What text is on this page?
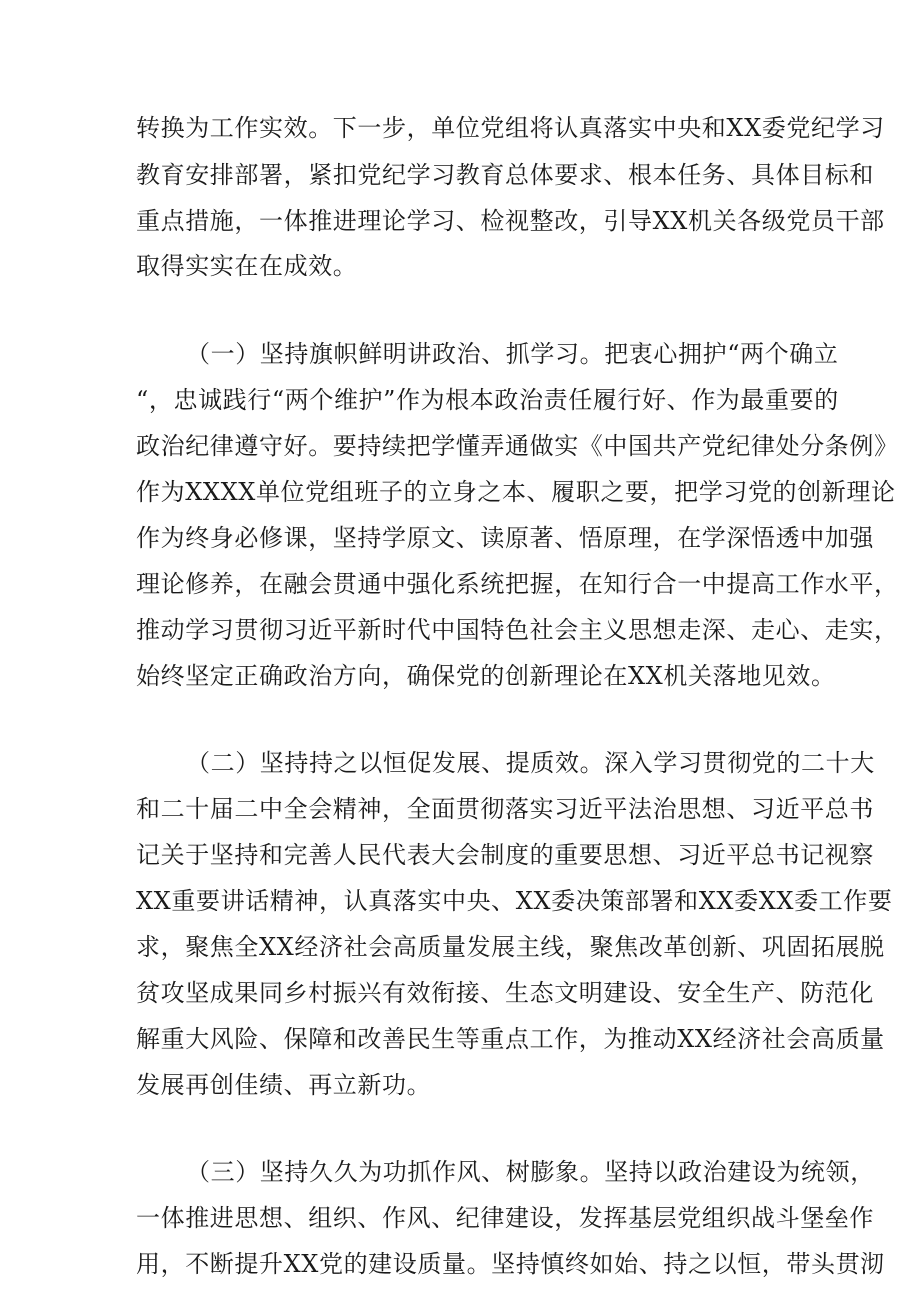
转换为工作实效。下一步，单位党组将认真落实中央和XX委党纪学习
教育安排部署，紧扣党纪学习教育总体要求、根本任务、具体目标和
重点措施，一体推进理论学习、检视整改，引导XX机关各级党员干部
取得实实在在成效。
（一）坚持旗帜鲜明讲政治、抓学习。把衷心拥护“两个确立
“，忠诚践行“两个维护”作为根本政治责任履行好、作为最重要的
政治纪律遵守好。要持续把学懂弄通做实《中国共产党纪律处分条例》
作为XXXX单位党组班子的立身之本、履职之要，把学习党的创新理论
作为终身必修课，坚持学原文、读原著、悟原理，在学深悟透中加强
理论修养，在融会贯通中强化系统把握，在知行合一中提高工作水平，
推动学习贯彻习近平新时代中国特色社会主义思想走深、走心、走实，
始终坚定正确政治方向，确保党的创新理论在XX机关落地见效。
（二）坚持持之以恒促发展、提质效。深入学习贯彻党的二十大
和二十届二中全会精神，全面贯彻落实习近平法治思想、习近平总书
记关于坚持和完善人民代表大会制度的重要思想、习近平总书记视察
XX重要讲话精神，认真落实中央、XX委决策部署和XX委XX委工作要
求，聚焦全XX经济社会高质量发展主线，聚焦改革创新、巩固拓展脱
贫攻坚成果同乡村振兴有效衔接、生态文明建设、安全生产、防范化
解重大风险、保障和改善民生等重点工作，为推动XX经济社会高质量
发展再创佳绩、再立新功。
（三）坚持久久为功抓作风、树膨象。坚持以政治建设为统领，
一体推进思想、组织、作风、纪律建设，发挥基层党组织战斗堡垒作
用，不断提升XX党的建设质量。坚持慎终如始、持之以恒，带头贯沏
